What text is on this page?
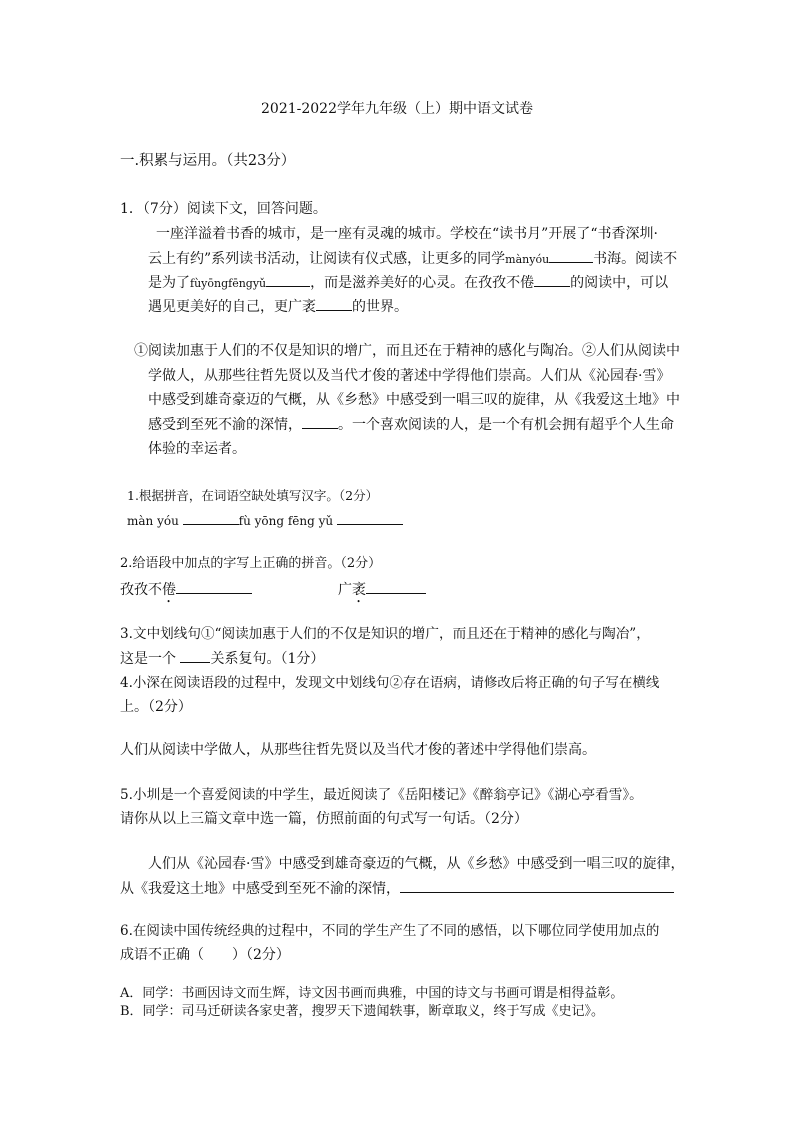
2021-2022学年九年级（上）期中语文试卷
一.积累与运用。（共23分）
1．（7分）阅读下文，回答问题。
一座洋溢着书香的城市，是一座有灵魂的城市。学校在“读书月”开展了“书香深圳·
云上有约”系列读书活动，让阅读有仪式感，让更多的同学mànyóu	书海。阅读不
是为了fùyōngfēngyǔ	，而是滋养美好的心灵。在孜孜不倦	的阅读中，可以
遇见更美好的自己，更广袤	的世界。
①阅读加惠于人们的不仅是知识的增广，而且还在于精神的感化与陶冶。②人们从阅读中
学做人，从那些往哲先贤以及当代才俊的著述中学得他们崇高。人们从《沁园春·雪》
中感受到雄奇豪迈的气概，从《乡愁》中感受到一唱三叹的旋律，从《我爱这土地》中
感受到至死不渝的深情，	。一个喜欢阅读的人，是一个有机会拥有超乎个人生命
体验的幸运者。
1.根据拼音，在词语空缺处填写汉字。（2分）
màn yóu	fù yōng fēng yǔ
2.给语段中加点的字写上正确的拼音。（2分）
孜孜不倦	广袤
3.文中划线句①“阅读加惠于人们的不仅是知识的增广，而且还在于精神的感化与陶冶”，
这是一个 关系复句。（1分）
4.小深在阅读语段的过程中，发现文中划线句②存在语病，请修改后将正确的句子写在横线
上。（2分）
人们从阅读中学做人，从那些往哲先贤以及当代才俊的著述中学得他们崇高。
5.小圳是一个喜爱阅读的中学生，最近阅读了《岳阳楼记》《醉翁亭记》《湖心亭看雪》。
请你从以上三篇文章中选一篇，仿照前面的句式写一句话。（2分）
人们从《沁园春·雪》中感受到雄奇豪迈的气概，从《乡愁》中感受到一唱三叹的旋律，
从《我爱这土地》中感受到至死不渝的深情，
6.在阅读中国传统经典的过程中，不同的学生产生了不同的感悟，以下哪位同学使用加点的
成语不正确（　　）（2分）
A．同学：书画因诗文而生辉，诗文因书画而典雅，中国的诗文与书画可谓是相得益彰。
B．同学：司马迁研读各家史著，搜罗天下遗闻轶事，断章取义，终于写成《史记》。
